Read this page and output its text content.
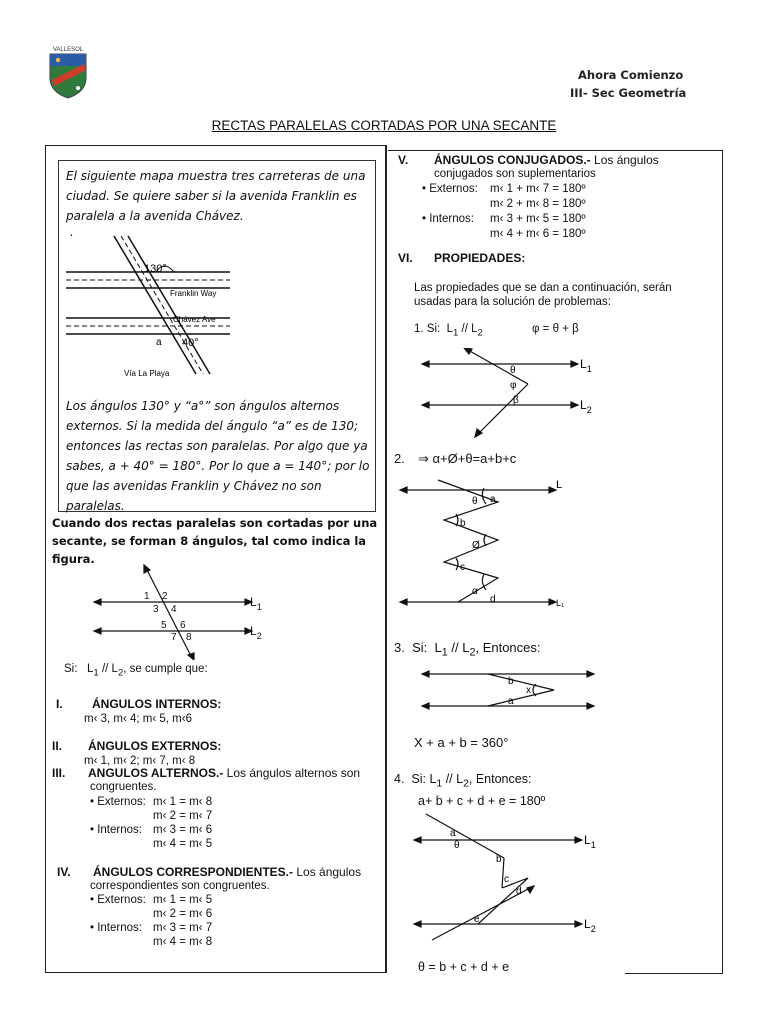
VALLESOL
Ahora Comienzo
III- Sec Geometría
RECTAS PARALELAS CORTADAS POR UNA SECANTE
El siguiente mapa muestra tres carreteras de una ciudad. Se quiere saber si la avenida Franklin es paralela a la avenida Chávez.
.
130°
Franklin Way
Chávez Ave
a 40°
Vía La Playa
Los ángulos 130° y “a°” son ángulos alternos externos. Si la medida del ángulo “a” es de 130; entonces las rectas son paralelas. Por algo que ya sabes, a + 40° = 180°. Por lo que a = 140°; por lo que las avenidas Franklin y Chávez no son paralelas.
Cuando dos rectas paralelas son cortadas por una secante, se forman 8 ángulos, tal como indica la figura.
1 2
3 4
5 6
7 8
$L_1$
$L_2$
Si: $L_1 // L_2$, se cumple que:
I. ÁNGULOS INTERNOS:
m‹ 3, m‹ 4; m‹ 5, m‹6
II. ÁNGULOS EXTERNOS:
m‹ 1, m‹ 2; m‹ 7, m‹ 8
III. ANGULOS ALTERNOS.- Los ángulos alternos son
congruentes.
• Externos: m‹ 1 = m‹ 8
m‹ 2 = m‹ 7
• Internos: m‹ 3 = m‹ 6
m‹ 4 = m‹ 5
IV. ÁNGULOS CORRESPONDIENTES.- Los ángulos
correspondientes son congruentes.
• Externos: m‹ 1 = m‹ 5
m‹ 2 = m‹ 6
• Internos: m‹ 3 = m‹ 7
m‹ 4 = m‹ 8
V. ÁNGULOS CONJUGADOS.- Los ángulos
conjugados son suplementarios
• Externos: m‹ 1 + m‹ 7 = 180º
m‹ 2 + m‹ 8 = 180º
• Internos: m‹ 3 + m‹ 5 = 180º
m‹ 4 + m‹ 6 = 180º
VI. PROPIEDADES:
Las propiedades que se dan a continuación, serán
usadas para la solución de problemas:
1. Si: $L_1 // L_2$	φ = θ + β
θ
φ
β
$L_1$
$L_2$
2. ⇒ α+Ø+θ=a+b+c
L
L₁
θ a
b
Ø
c
α
d
3. Si: $L_1 // L_2$, Entonces:
b
x
a
X + a + b = 360°
4. Si: $L_1 // L_2$, Entonces:
a+ b + c + d + e = 180º
a
θ
b
c
d
e
$L_1$
$L_2$
θ = b + c + d + e
